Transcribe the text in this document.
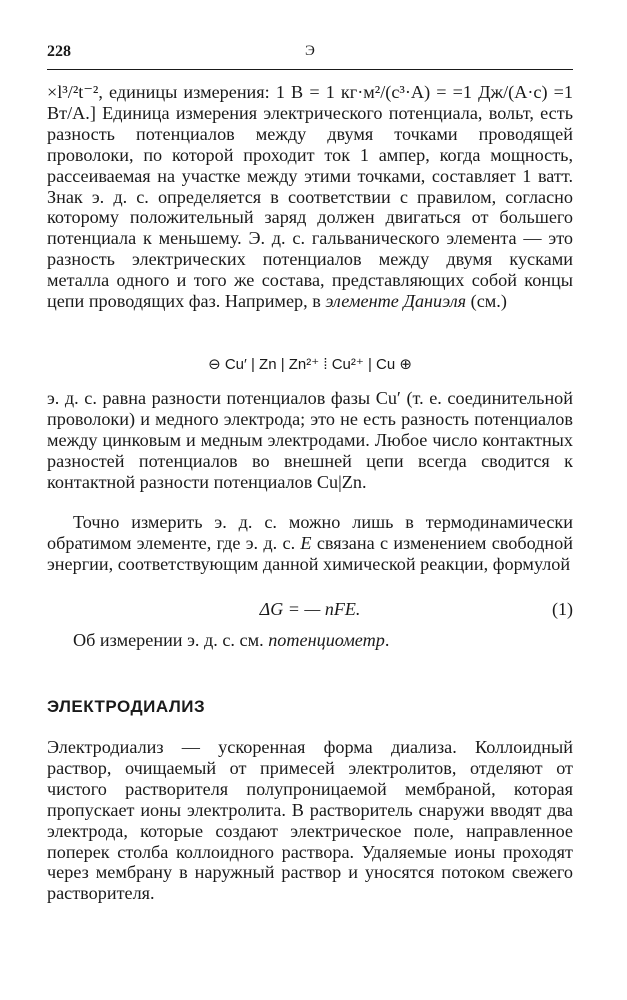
228	Э

×l³/²t⁻², единицы измерения: 1 В = 1 кг·м²/(с³·А) = =1 Дж/(А·с) =1 Вт/А.] Единица измерения электрического потенциала, вольт, есть разность потенциалов между двумя точками проводящей проволоки, по которой проходит ток 1 ампер, когда мощность, рассеиваемая на участке между этими точками, составляет 1 ватт. Знак э. д. с. определяется в соответствии с правилом, согласно которому положительный заряд должен двигаться от большего потенциала к меньшему. Э. д. с. гальванического элемента — это разность электрических потенциалов между двумя кусками металла одного и того же состава, представляющих собой концы цепи проводящих фаз. Например, в элементе Даниэля (см.)

⊖ Cu′ | Zn | Zn²⁺ ⁞ Cu²⁺ | Cu ⊕

э. д. с. равна разности потенциалов фазы Cu′ (т. е. соединительной проволоки) и медного электрода; это не есть разность потенциалов между цинковым и медным электродами. Любое число контактных разностей потенциалов во внешней цепи всегда сводится к контактной разности потенциалов Cu|Zn.

Точно измерить э. д. с. можно лишь в термодинамически обратимом элементе, где э. д. с. E связана с изменением свободной энергии, соответствующим данной химической реакции, формулой

ΔG = — nFE.	(1)

Об измерении э. д. с. см. потенциометр.

ЭЛЕКТРОДИАЛИЗ

Электродиализ — ускоренная форма диализа. Коллоидный раствор, очищаемый от примесей электролитов, отделяют от чистого растворителя полупроницаемой мембраной, которая пропускает ионы электролита. В растворитель снаружи вводят два электрода, которые создают электрическое поле, направленное поперек столба коллоидного раствора. Удаляемые ионы проходят через мембрану в наружный раствор и уносятся потоком свежего растворителя.
